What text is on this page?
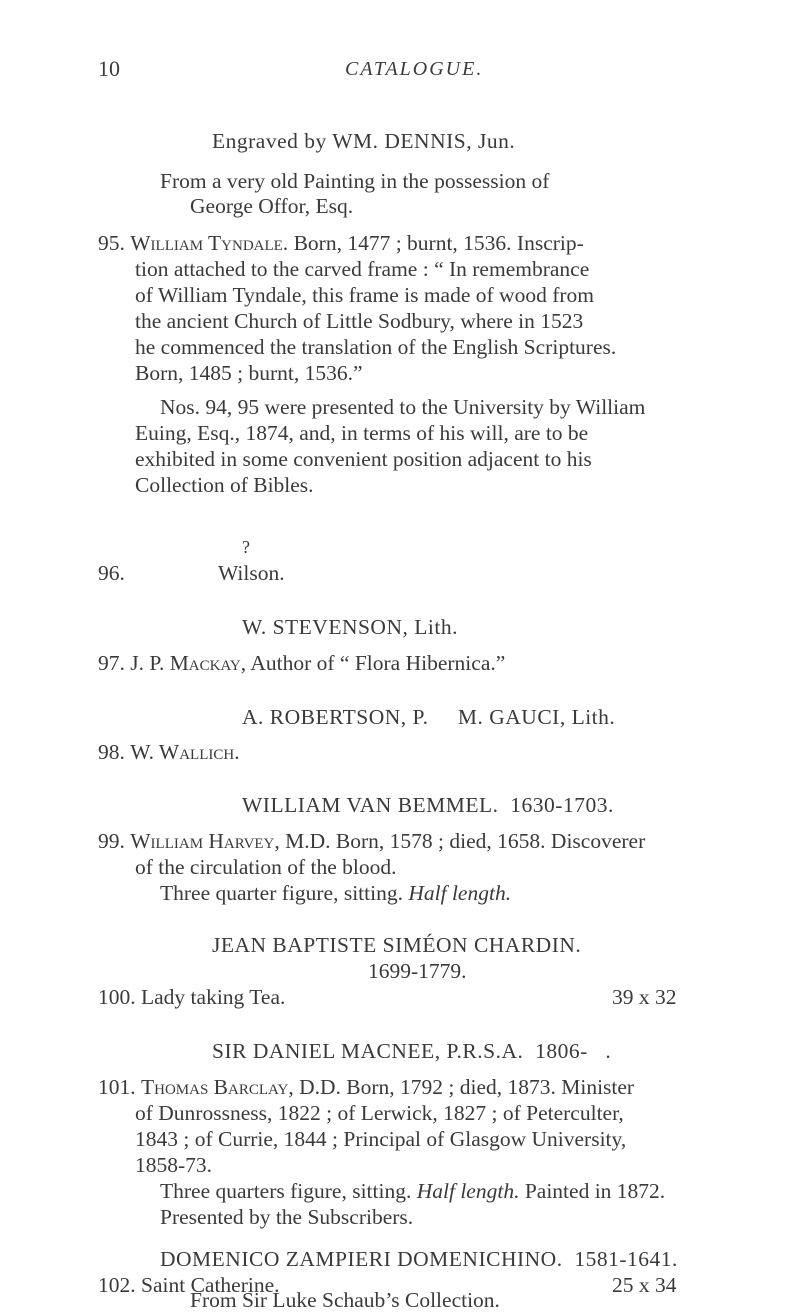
10	CATALOGUE.
Engraved by WM. DENNIS, Jun.
From a very old Painting in the possession of
George Offor, Esq.
95. William Tyndale. Born, 1477 ; burnt, 1536. Inscrip-
tion attached to the carved frame : “ In remembrance
of William Tyndale, this frame is made of wood from
the ancient Church of Little Sodbury, where in 1523
he commenced the translation of the English Scriptures.
Born, 1485 ; burnt, 1536.”
Nos. 94, 95 were presented to the University by William
Euing, Esq., 1874, and, in terms of his will, are to be
exhibited in some convenient position adjacent to his
Collection of Bibles.
?
96.	Wilson.
W. STEVENSON, Lith.
97. J. P. Mackay, Author of “ Flora Hibernica.”
A. ROBERTSON, P.     M. GAUCI, Lith.
98. W. Wallich.
WILLIAM VAN BEMMEL.  1630-1703.
99. William Harvey, M.D. Born, 1578 ; died, 1658. Discoverer
of the circulation of the blood.
Three quarter figure, sitting. Half length.
JEAN BAPTISTE SIMÉON CHARDIN.
1699-1779.
100. Lady taking Tea.	39 x 32
SIR DANIEL MACNEE, P.R.S.A.  1806-   .
101. Thomas Barclay, D.D. Born, 1792 ; died, 1873. Minister
of Dunrossness, 1822 ; of Lerwick, 1827 ; of Peterculter,
1843 ; of Currie, 1844 ; Principal of Glasgow University,
1858-73.
Three quarters figure, sitting. Half length. Painted in 1872.
Presented by the Subscribers.
DOMENICO ZAMPIERI DOMENICHINO.  1581-1641.
102. Saint Catherine.	25 x 34
From Sir Luke Schaub’s Collection.
